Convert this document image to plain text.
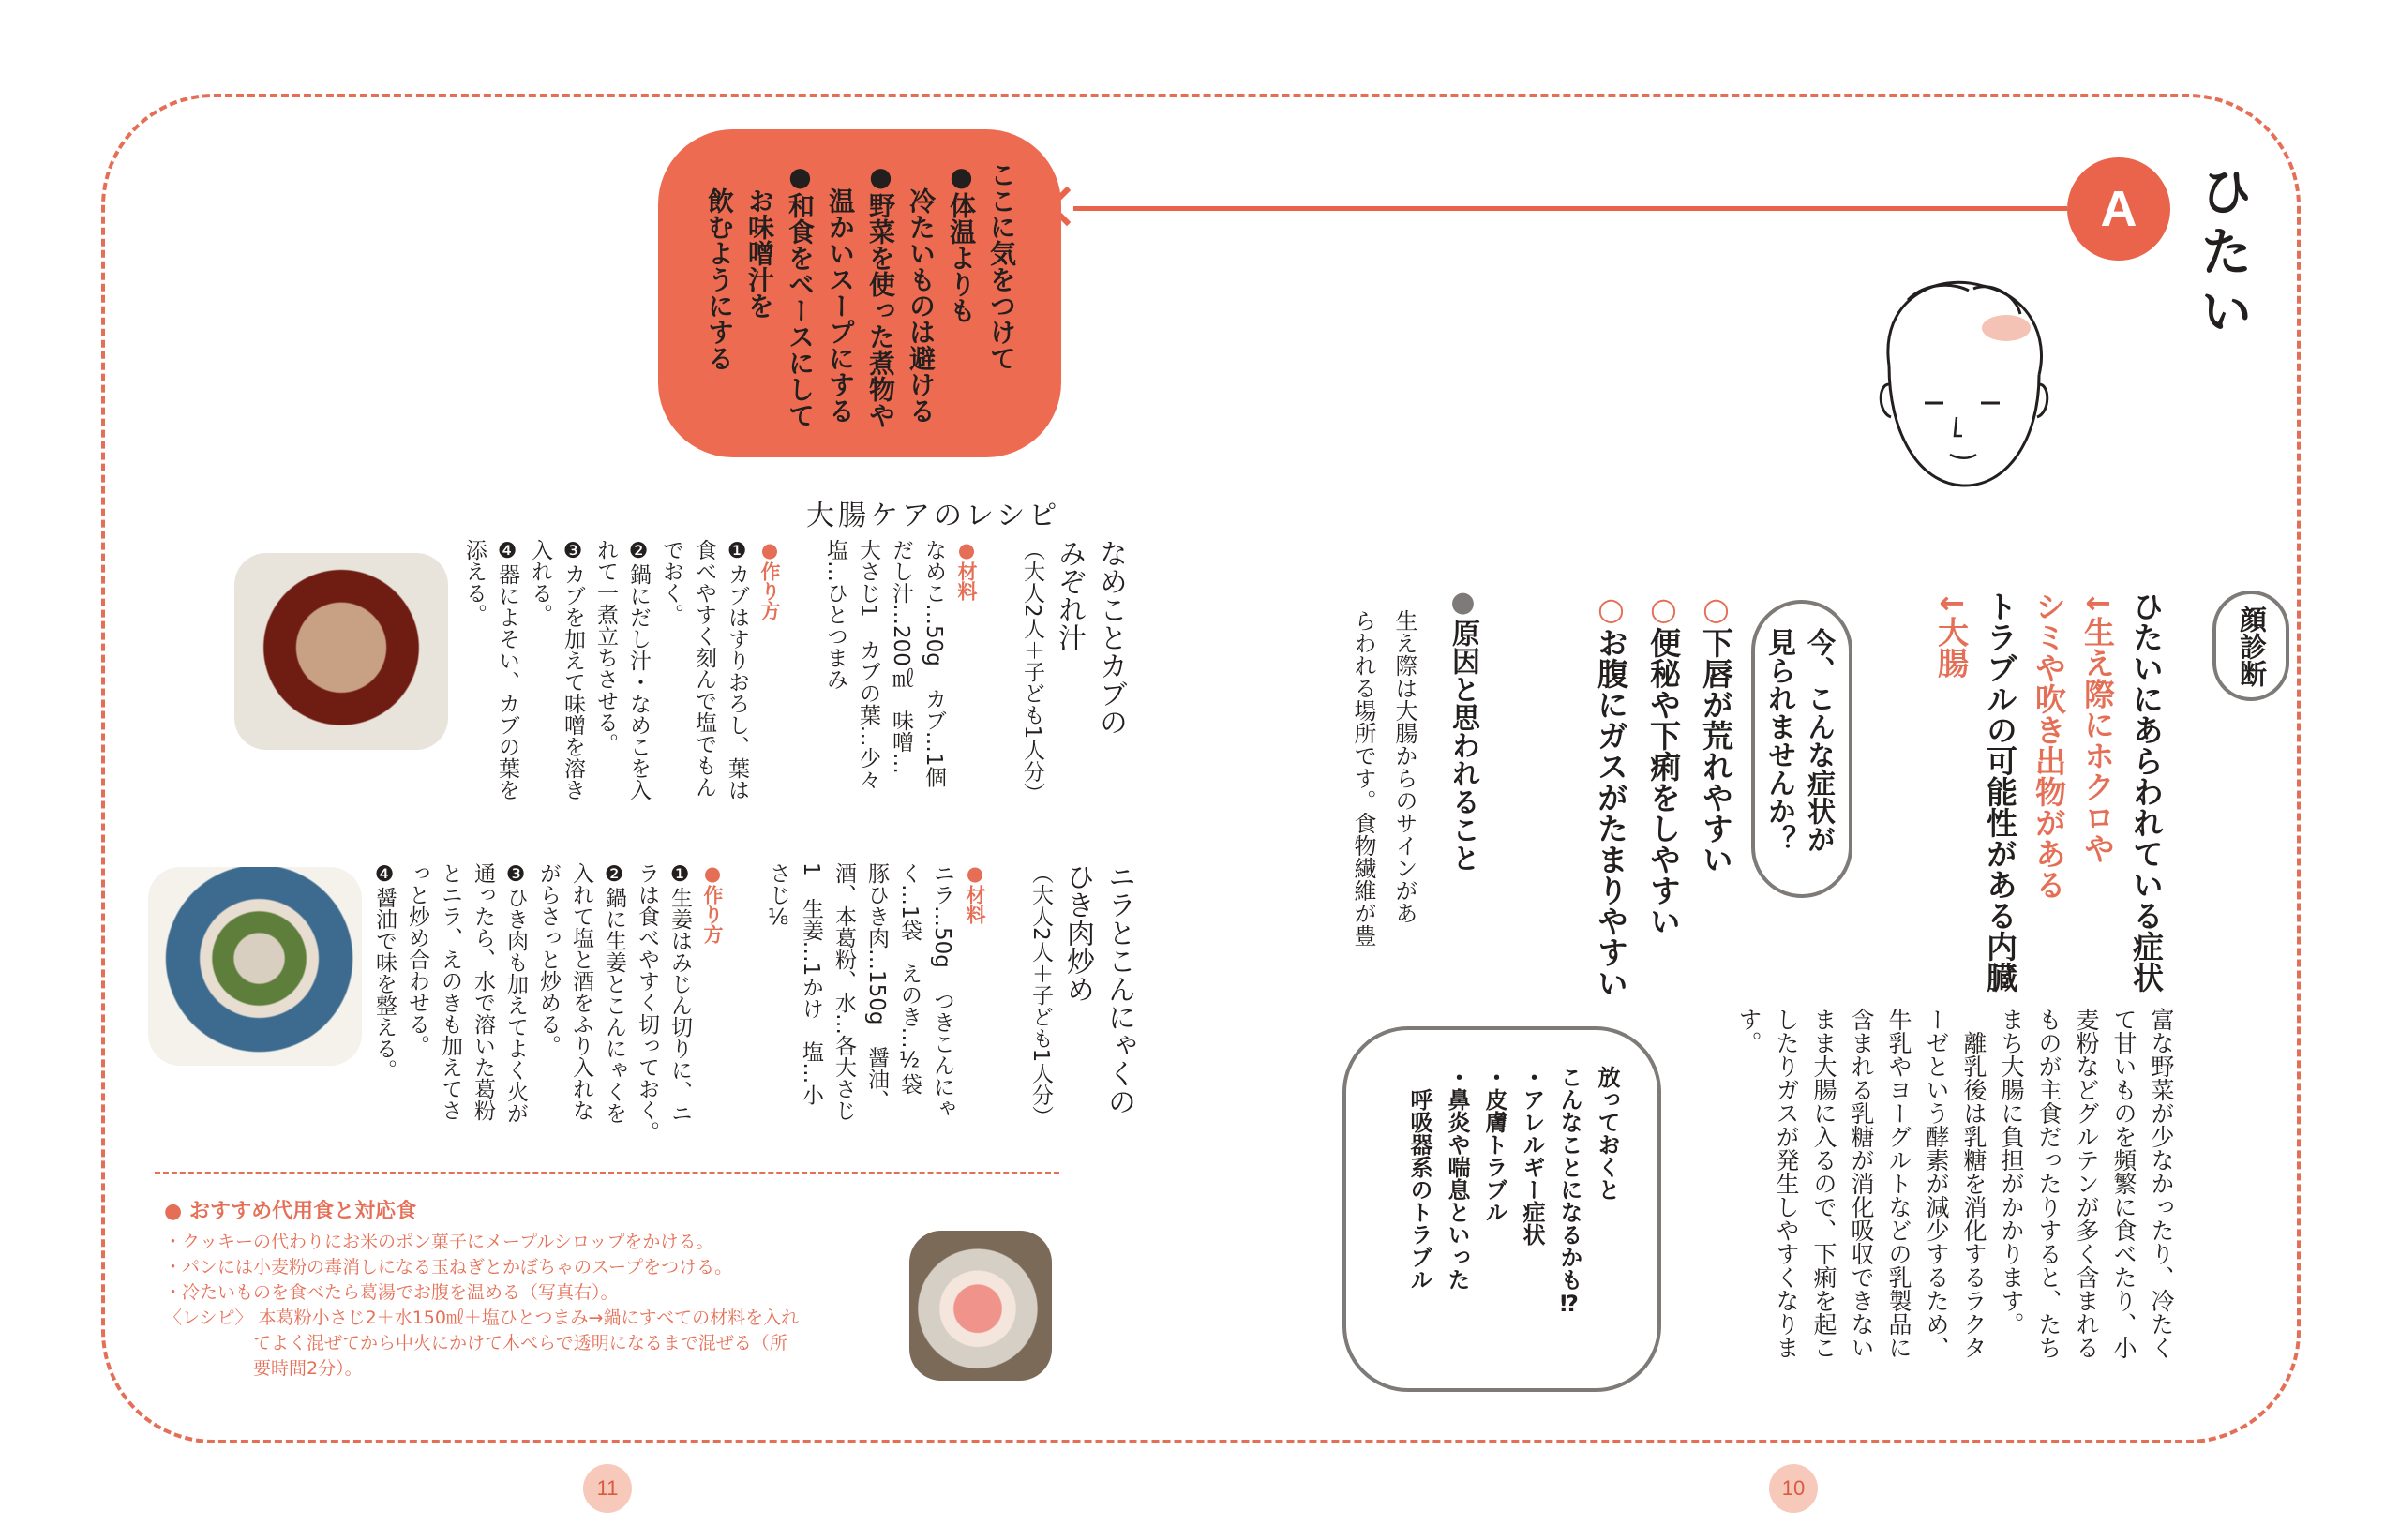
ひたい
A
ここに気をつけて
●体温よりも
　冷たいものは避ける
●野菜を使った煮物や
　温かいスープにする
●和食をベースにして
　お味噌汁を
　飲むようにする
顔診断
ひたいにあらわれている症状
↓生え際にホクロや
シミや吹き出物がある
トラブルの可能性がある内臓
↓大腸
今、こんな症状が
見られませんか？
○下唇が荒れやすい
○便秘や下痢をしやすい
○お腹にガスがたまりやすい
●原因と思われること
生え際は大腸からのサインがあ
らわれる場所です。食物繊維が豊
富な野菜が少なかったり、冷たく
て甘いものを頻繁に食べたり、小
麦粉などグルテンが多く含まれる
ものが主食だったりすると、たち
まち大腸に負担がかかります。
　離乳後は乳糖を消化するラクタ
ーゼという酵素が減少するため、
牛乳やヨーグルトなどの乳製品に
含まれる乳糖が消化吸収できない
まま大腸に入るので、下痢を起こ
したりガスが発生しやすくなりま
す。
放っておくと
こんなことになるかも⁉
・アレルギー症状
・皮膚トラブル
・鼻炎や喘息といった
　呼吸器系のトラブル
大腸ケアのレシピ
なめことカブの
みぞれ汁
（大人2人＋子ども1人分）

●材料
なめこ…50g　カブ…1個
だし汁…200㎖　味噌…
大さじ1　カブの葉…少々
塩…ひとつまみ

●作り方
❶カブはすりおろし、葉は
食べやすく刻んで塩でもん
でおく。
❷鍋にだし汁・なめこを入
れて一煮立ちさせる。
❸カブを加えて味噌を溶き
入れる。
❹器によそい、カブの葉を
添える。
ニラとこんにゃくの
ひき肉炒め
（大人2人＋子ども1人分）

●材料
ニラ…50g　つきこんにゃ
く…1袋　えのき…½袋
豚ひき肉…150g　醤油、
酒、本葛粉、水…各大さじ
1　生姜…1かけ　塩…小
さじ⅛

●作り方
❶生姜はみじん切りに、ニ
ラは食べやすく切っておく。
❷鍋に生姜とこんにゃくを
入れて塩と酒をふり入れな
がらさっと炒める。
❸ひき肉も加えてよく火が
通ったら、水で溶いた葛粉
とニラ、えのきも加えてさ
っと炒め合わせる。
❹醤油で味を整える。
● おすすめ代用食と対応食
・クッキーの代わりにお米のポン菓子にメープルシロップをかける。
・パンには小麦粉の毒消しになる玉ねぎとかぼちゃのスープをつける。
・冷たいものを食べたら葛湯でお腹を温める（写真右）。
〈レシピ〉 本葛粉小さじ2＋水150㎖＋塩ひとつまみ→鍋にすべての材料を入れ
　　　　　てよく混ぜてから中火にかけて木べらで透明になるまで混ぜる（所
　　　　　要時間2分）。
11	10
